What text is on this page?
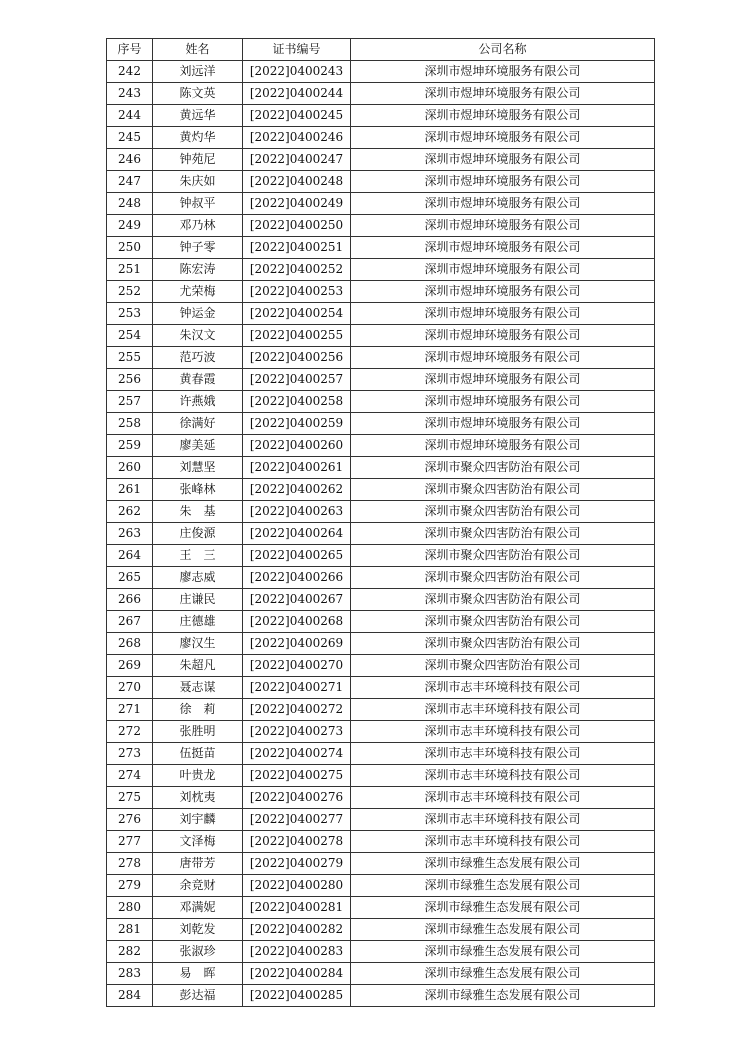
序号	姓名	证书编号	公司名称
242	刘远洋	[2022]0400243	深圳市煜坤环境服务有限公司
243	陈文英	[2022]0400244	深圳市煜坤环境服务有限公司
244	黄远华	[2022]0400245	深圳市煜坤环境服务有限公司
245	黄灼华	[2022]0400246	深圳市煜坤环境服务有限公司
246	钟苑尼	[2022]0400247	深圳市煜坤环境服务有限公司
247	朱庆如	[2022]0400248	深圳市煜坤环境服务有限公司
248	钟叔平	[2022]0400249	深圳市煜坤环境服务有限公司
249	邓乃林	[2022]0400250	深圳市煜坤环境服务有限公司
250	钟子零	[2022]0400251	深圳市煜坤环境服务有限公司
251	陈宏涛	[2022]0400252	深圳市煜坤环境服务有限公司
252	尤荣梅	[2022]0400253	深圳市煜坤环境服务有限公司
253	钟运金	[2022]0400254	深圳市煜坤环境服务有限公司
254	朱汉文	[2022]0400255	深圳市煜坤环境服务有限公司
255	范巧波	[2022]0400256	深圳市煜坤环境服务有限公司
256	黄春霞	[2022]0400257	深圳市煜坤环境服务有限公司
257	许燕娥	[2022]0400258	深圳市煜坤环境服务有限公司
258	徐满好	[2022]0400259	深圳市煜坤环境服务有限公司
259	廖美延	[2022]0400260	深圳市煜坤环境服务有限公司
260	刘慧坚	[2022]0400261	深圳市聚众四害防治有限公司
261	张峰林	[2022]0400262	深圳市聚众四害防治有限公司
262	朱　基	[2022]0400263	深圳市聚众四害防治有限公司
263	庄俊源	[2022]0400264	深圳市聚众四害防治有限公司
264	王　三	[2022]0400265	深圳市聚众四害防治有限公司
265	廖志威	[2022]0400266	深圳市聚众四害防治有限公司
266	庄谦民	[2022]0400267	深圳市聚众四害防治有限公司
267	庄德雄	[2022]0400268	深圳市聚众四害防治有限公司
268	廖汉生	[2022]0400269	深圳市聚众四害防治有限公司
269	朱超凡	[2022]0400270	深圳市聚众四害防治有限公司
270	聂志谋	[2022]0400271	深圳市志丰环境科技有限公司
271	徐　莉	[2022]0400272	深圳市志丰环境科技有限公司
272	张胜明	[2022]0400273	深圳市志丰环境科技有限公司
273	伍挺苗	[2022]0400274	深圳市志丰环境科技有限公司
274	叶贵龙	[2022]0400275	深圳市志丰环境科技有限公司
275	刘枕夷	[2022]0400276	深圳市志丰环境科技有限公司
276	刘宇麟	[2022]0400277	深圳市志丰环境科技有限公司
277	文泽梅	[2022]0400278	深圳市志丰环境科技有限公司
278	唐带芳	[2022]0400279	深圳市绿雅生态发展有限公司
279	余竞财	[2022]0400280	深圳市绿雅生态发展有限公司
280	邓满妮	[2022]0400281	深圳市绿雅生态发展有限公司
281	刘乾发	[2022]0400282	深圳市绿雅生态发展有限公司
282	张淑珍	[2022]0400283	深圳市绿雅生态发展有限公司
283	易　晖	[2022]0400284	深圳市绿雅生态发展有限公司
284	彭达福	[2022]0400285	深圳市绿雅生态发展有限公司
